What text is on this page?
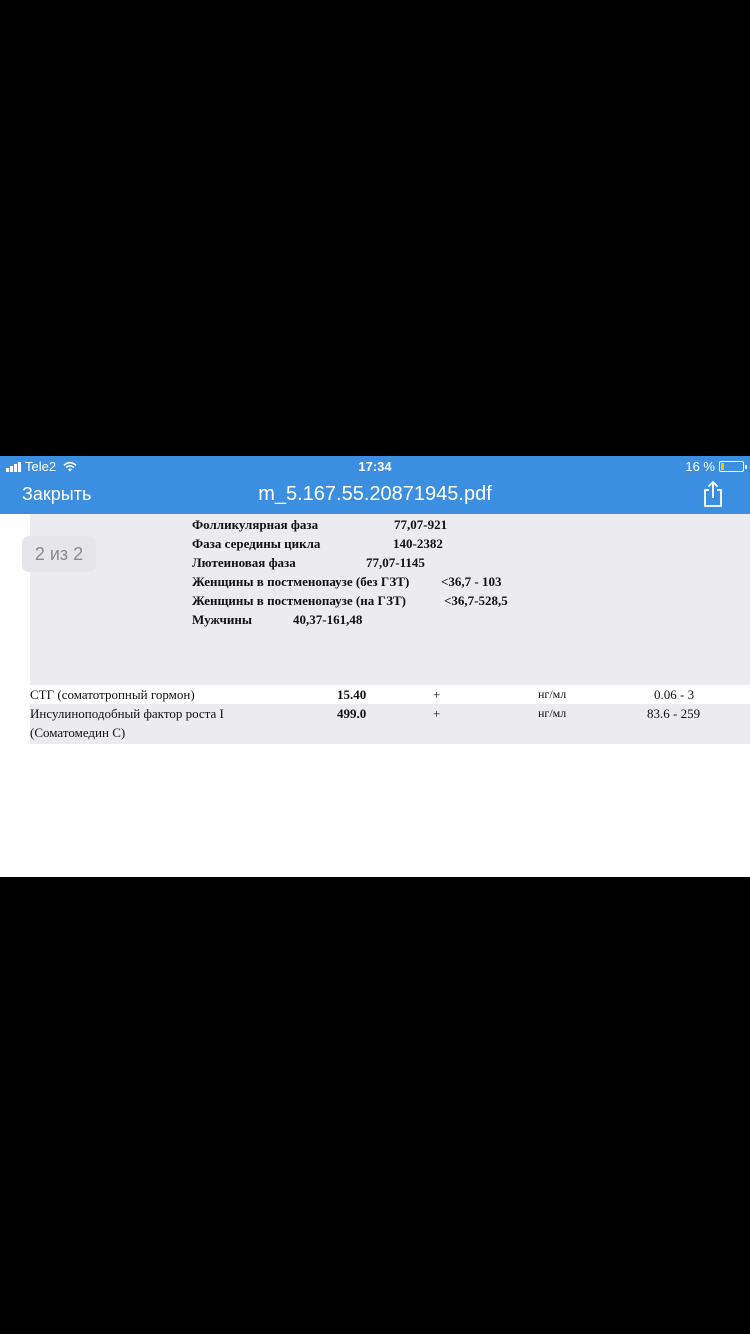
Tele2	17:34	16 %
Закрыть	m_5.167.55.20871945.pdf
Фолликулярная фаза	77,07-921
Фаза середины цикла	140-2382
Лютеиновая фаза	77,07-1145
Женщины в постменопаузе (без ГЗТ) <36,7 - 103
Женщины в постменопаузе (на ГЗТ)	<36,7-528,5
Мужчины	40,37-161,48
СТГ (соматотропный гормон)	15.40	+	нг/мл	0.06 - 3
Инсулиноподобный фактор роста I
(Соматомедин С)
499.0	+	нг/мл	83.6 - 259
2 из 2
